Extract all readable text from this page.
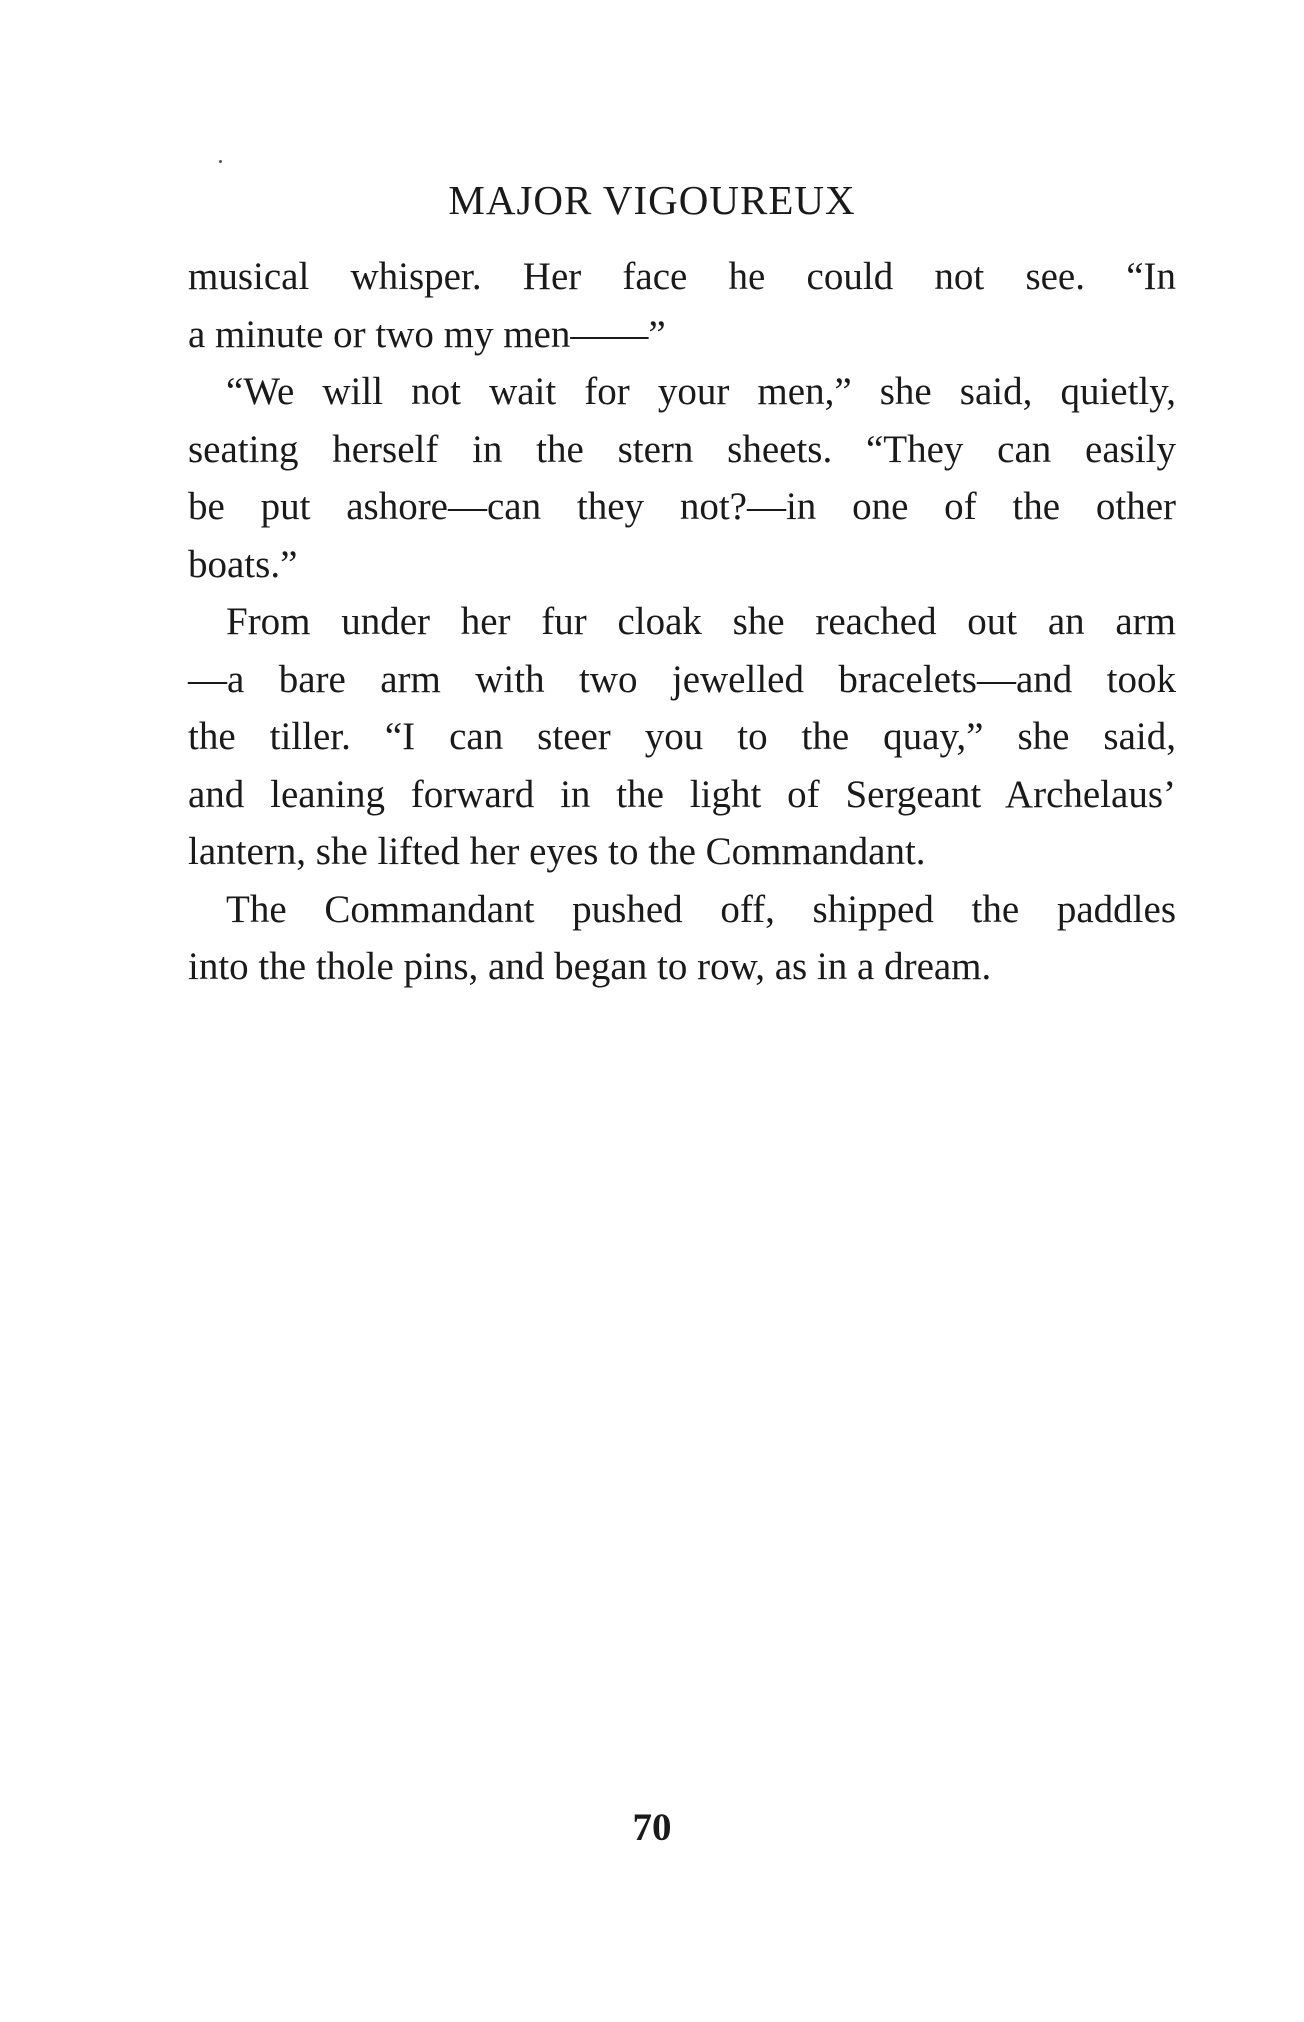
MAJOR VIGOUREUX
musical whisper. Her face he could not see. “In
a minute or two my men——”
“We will not wait for your men,” she said, quietly,
seating herself in the stern sheets. “They can easily
be put ashore—can they not?—in one of the other
boats.”
From under her fur cloak she reached out an arm
—a bare arm with two jewelled bracelets—and took
the tiller. “I can steer you to the quay,” she said,
and leaning forward in the light of Sergeant Archelaus’
lantern, she lifted her eyes to the Commandant.
The Commandant pushed off, shipped the paddles
into the thole pins, and began to row, as in a dream.
70
